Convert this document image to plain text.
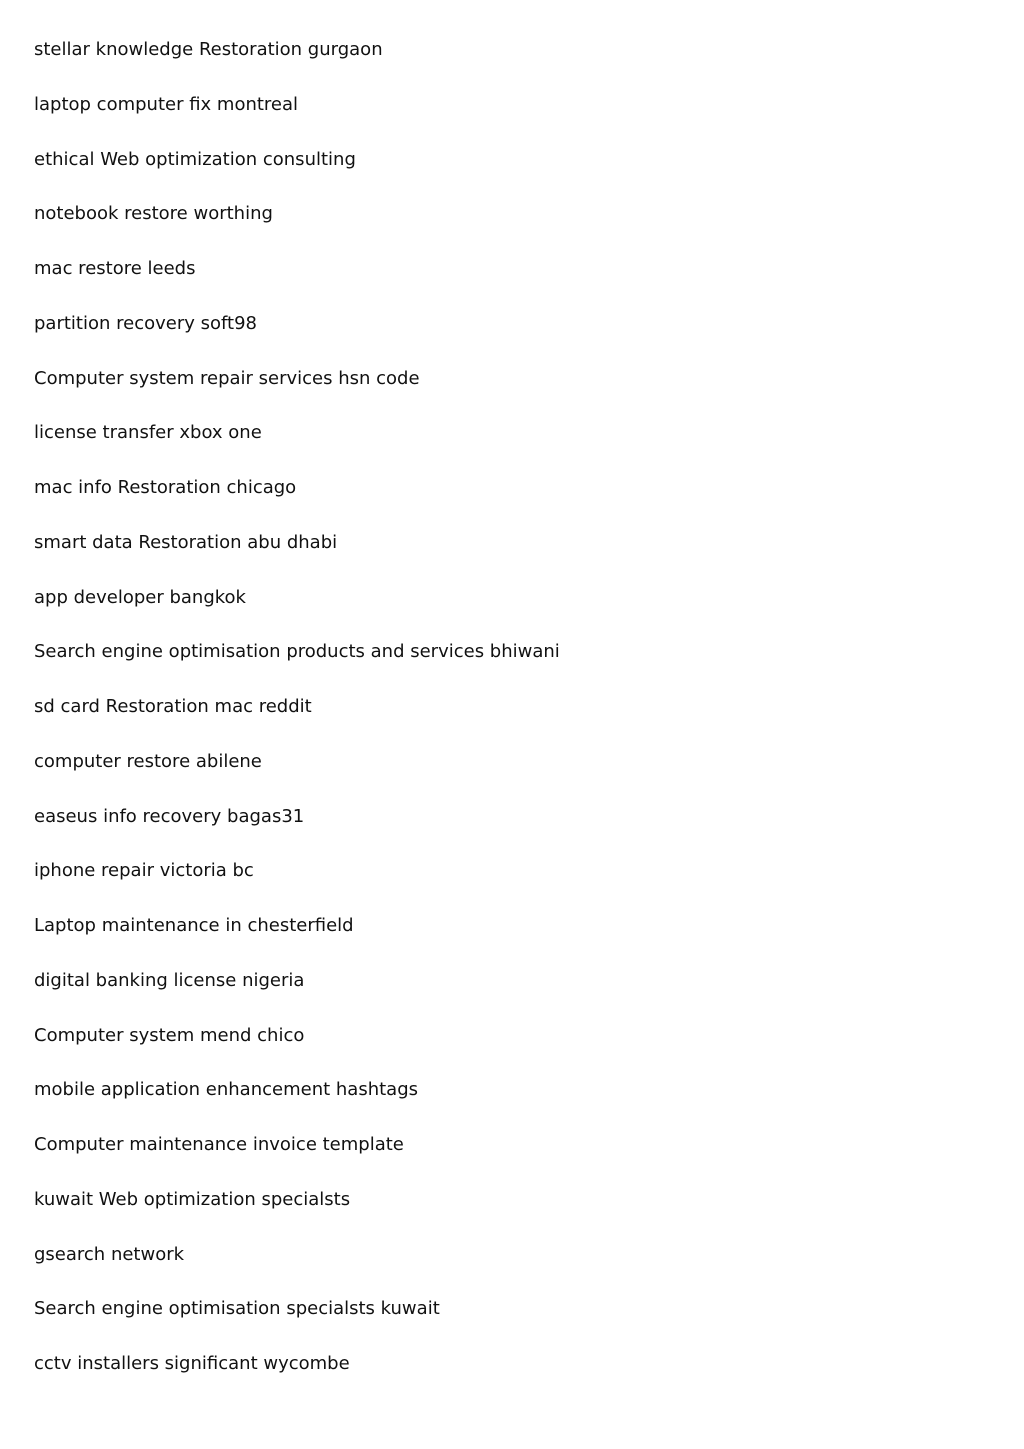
stellar knowledge Restoration gurgaon
laptop computer fix montreal
ethical Web optimization consulting
notebook restore worthing
mac restore leeds
partition recovery soft98
Computer system repair services hsn code
license transfer xbox one
mac info Restoration chicago
smart data Restoration abu dhabi
app developer bangkok
Search engine optimisation products and services bhiwani
sd card Restoration mac reddit
computer restore abilene
easeus info recovery bagas31
iphone repair victoria bc
Laptop maintenance in chesterfield
digital banking license nigeria
Computer system mend chico
mobile application enhancement hashtags
Computer maintenance invoice template
kuwait Web optimization specialsts
gsearch network
Search engine optimisation specialsts kuwait
cctv installers significant wycombe
